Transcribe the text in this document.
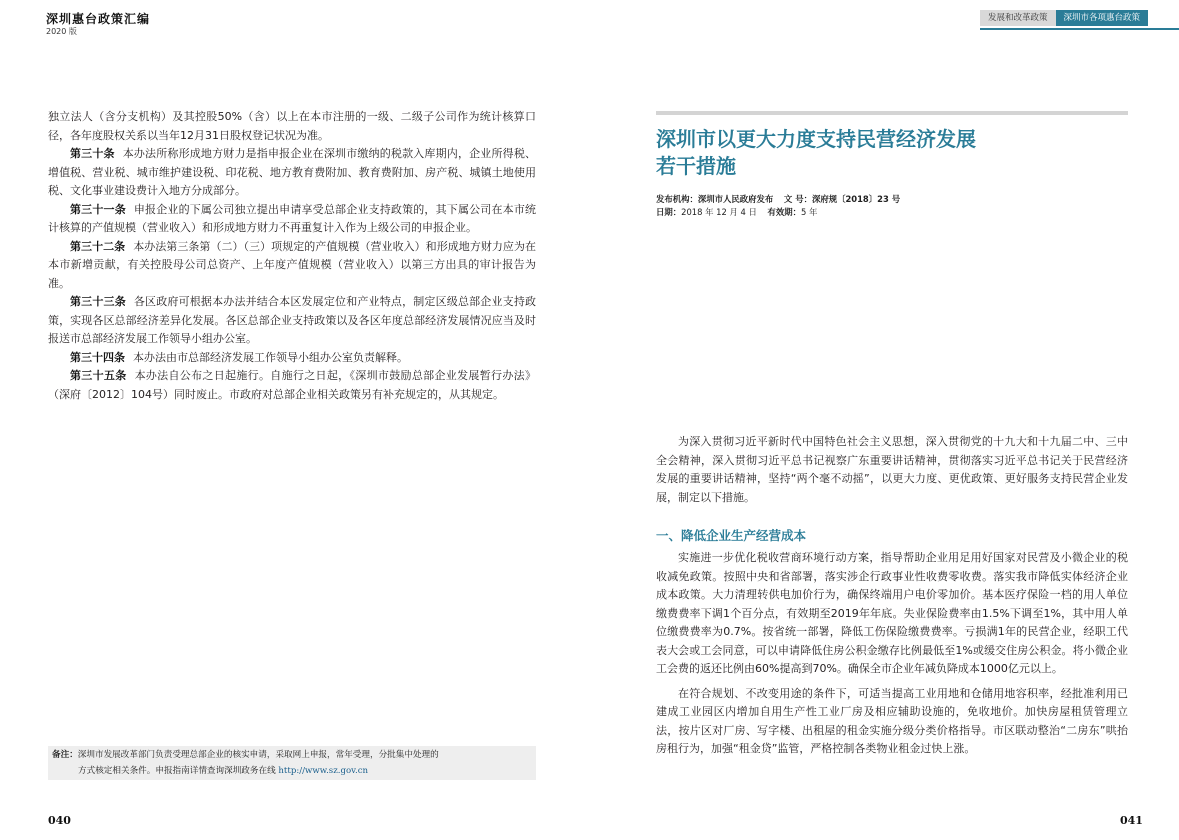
深圳惠台政策汇编
2020 版

独立法人（含分支机构）及其控股50%（含）以上在本市注册的一级、二级子公司作为统计核算口径，各年度股权关系以当年12月31日股权登记状况为准。

第三十条 本办法所称形成地方财力是指申报企业在深圳市缴纳的税款入库期内，企业所得税、增值税、营业税、城市维护建设税、印花税、地方教育费附加、教育费附加、房产税、城镇土地使用税、文化事业建设费计入地方分成部分。

第三十一条 申报企业的下属公司独立提出申请享受总部企业支持政策的，其下属公司在本市统计核算的产值规模（营业收入）和形成地方财力不再重复计入作为上级公司的申报企业。

第三十二条 本办法第三条第（二）（三）项规定的产值规模（营业收入）和形成地方财力应为在本市新增贡献，有关控股母公司总资产、上年度产值规模（营业收入）以第三方出具的审计报告为准。

第三十三条 各区政府可根据本办法并结合本区发展定位和产业特点，制定区级总部企业支持政策，实现各区总部经济差异化发展。各区总部企业支持政策以及各区年度总部经济发展情况应当及时报送市总部经济发展工作领导小组办公室。

第三十四条 本办法由市总部经济发展工作领导小组办公室负责解释。

第三十五条 本办法自公布之日起施行。自施行之日起，《深圳市鼓励总部企业发展暂行办法》（深府〔2012〕104号）同时废止。市政府对总部企业相关政策另有补充规定的，从其规定。

备注：深圳市发展改革部门负责受理总部企业的核实申请，采取网上申报，常年受理，分批集中处理的
方式核定相关条件。申报指南详情查询深圳政务在线 http://www.sz.gov.cn
040
发展和改革政策	深圳市各项惠台政策
深圳市以更大力度支持民营经济发展
若干措施
发布机构：深圳市人民政府发布 文 号：深府规〔2018〕23 号
日期：2018 年 12 月 4 日 有效期：5 年

为深入贯彻习近平新时代中国特色社会主义思想，深入贯彻党的十九大和十九届二中、三中全会精神，深入贯彻习近平总书记视察广东重要讲话精神，贯彻落实习近平总书记关于民营经济发展的重要讲话精神，坚持“两个毫不动摇”，以更大力度、更优政策、更好服务支持民营企业发展，制定以下措施。

一、降低企业生产经营成本

实施进一步优化税收营商环境行动方案，指导帮助企业用足用好国家对民营及小微企业的税收减免政策。按照中央和省部署，落实涉企行政事业性收费零收费。落实我市降低实体经济企业成本政策。大力清理转供电加价行为，确保终端用户电价零加价。基本医疗保险一档的用人单位缴费费率下调1个百分点，有效期至2019年年底。失业保险费率由1.5%下调至1%，其中用人单位缴费费率为0.7%。按省统一部署，降低工伤保险缴费费率。亏损满1年的民营企业，经职工代表大会或工会同意，可以申请降低住房公积金缴存比例最低至1%或缓交住房公积金。将小微企业工会费的返还比例由60%提高到70%。确保全市企业年减负降成本1000亿元以上。

在符合规划、不改变用途的条件下，可适当提高工业用地和仓储用地容积率，经批准利用已建成工业园区内增加自用生产性工业厂房及相应辅助设施的，免收地价。加快房屋租赁管理立法，按片区对厂房、写字楼、出租屋的租金实施分级分类价格指导。市区联动整治“二房东”哄抬房租行为，加强“租金贷”监管，严格控制各类物业租金过快上涨。

041
